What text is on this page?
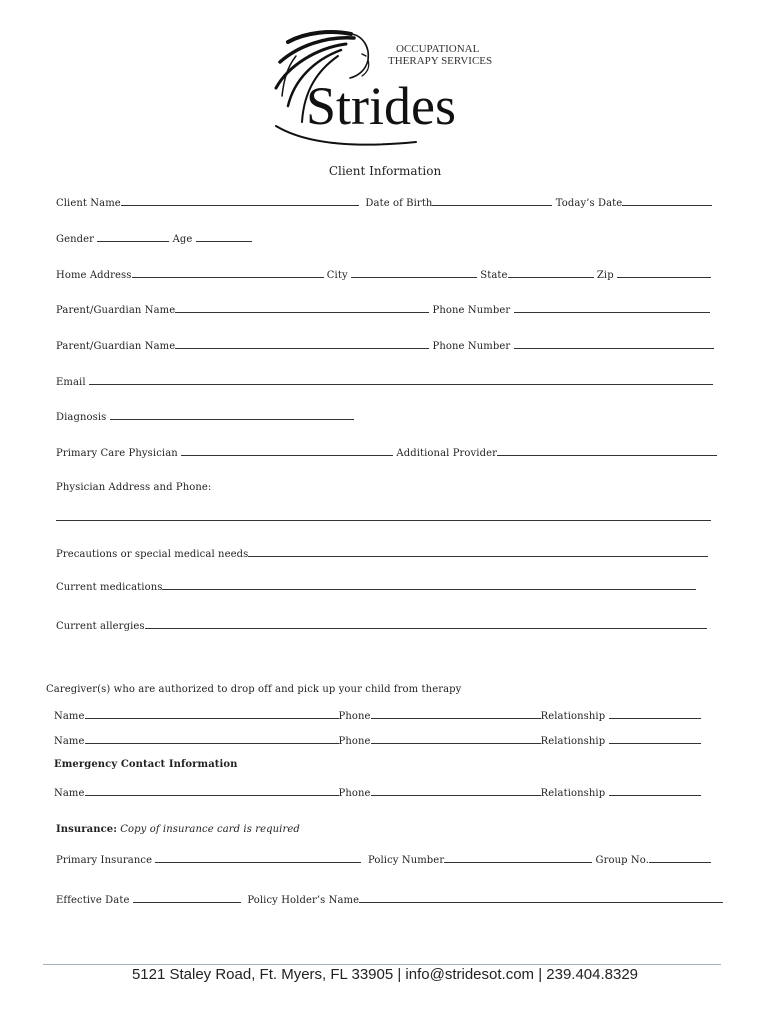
OCCUPATIONAL
THERAPY SERVICES
Strides
Client Information
Client Name	Date of Birth	Today’s Date
Gender	Age
Home Address	City	State	Zip
Parent/Guardian Name	Phone Number
Parent/Guardian Name	Phone Number
Email
Diagnosis
Primary Care Physician	Additional Provider
Physician Address and Phone:
Precautions or special medical needs
Current medications
Current allergies
Caregiver(s) who are authorized to drop off and pick up your child from therapy
Name	Phone	Relationship
Name	Phone	Relationship
Emergency Contact Information
Name	Phone	Relationship
Insurance: Copy of insurance card is required
Primary Insurance	Policy Number	Group No.
Effective Date	Policy Holder’s Name
5121 Staley Road, Ft. Myers, FL 33905 | info@stridesot.com | 239.404.8329
